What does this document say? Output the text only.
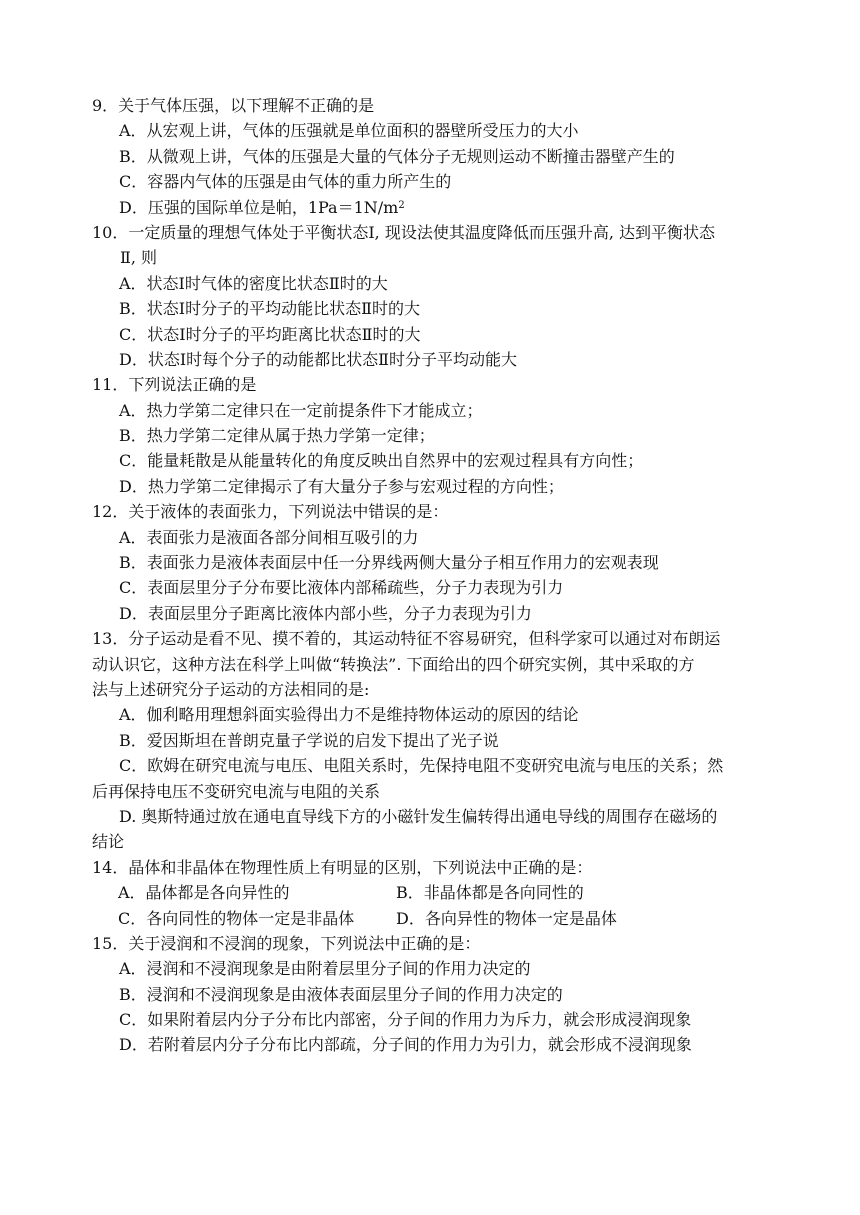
9．关于气体压强，以下理解不正确的是
A．从宏观上讲，气体的压强就是单位面积的器壁所受压力的大小
B．从微观上讲，气体的压强是大量的气体分子无规则运动不断撞击器壁产生的
C．容器内气体的压强是由气体的重力所产生的
D．压强的国际单位是帕，$1Pa=1N/m^2$
10．一定质量的理想气体处于平衡状态Ⅰ, 现设法使其温度降低而压强升高, 达到平衡状态
Ⅱ, 则
A．状态Ⅰ时气体的密度比状态Ⅱ时的大
B．状态Ⅰ时分子的平均动能比状态Ⅱ时的大
C．状态Ⅰ时分子的平均距离比状态Ⅱ时的大
D．状态Ⅰ时每个分子的动能都比状态Ⅱ时分子平均动能大
11．下列说法正确的是
A．热力学第二定律只在一定前提条件下才能成立；
B．热力学第二定律从属于热力学第一定律；
C．能量耗散是从能量转化的角度反映出自然界中的宏观过程具有方向性；
D．热力学第二定律揭示了有大量分子参与宏观过程的方向性；
12．关于液体的表面张力，下列说法中错误的是：
A．表面张力是液面各部分间相互吸引的力
B．表面张力是液体表面层中任一分界线两侧大量分子相互作用力的宏观表现
C．表面层里分子分布要比液体内部稀疏些，分子力表现为引力
D．表面层里分子距离比液体内部小些，分子力表现为引力
13．分子运动是看不见、摸不着的，其运动特征不容易研究，但科学家可以通过对布朗运
动认识它，这种方法在科学上叫做“转换法”. 下面给出的四个研究实例，其中采取的方
法与上述研究分子运动的方法相同的是:
A．伽利略用理想斜面实验得出力不是维持物体运动的原因的结论
B．爱因斯坦在普朗克量子学说的启发下提出了光子说
C．欧姆在研究电流与电压、电阻关系时，先保持电阻不变研究电流与电压的关系；然
后再保持电压不变研究电流与电阻的关系
D. 奥斯特通过放在通电直导线下方的小磁针发生偏转得出通电导线的周围存在磁场的
结论
14．晶体和非晶体在物理性质上有明显的区别，下列说法中正确的是：
A．晶体都是各向异性的	B．非晶体都是各向同性的
C．各向同性的物体一定是非晶体	D．各向异性的物体一定是晶体
15．关于浸润和不浸润的现象，下列说法中正确的是：
A．浸润和不浸润现象是由附着层里分子间的作用力决定的
B．浸润和不浸润现象是由液体表面层里分子间的作用力决定的
C．如果附着层内分子分布比内部密，分子间的作用力为斥力，就会形成浸润现象
D．若附着层内分子分布比内部疏，分子间的作用力为引力，就会形成不浸润现象
